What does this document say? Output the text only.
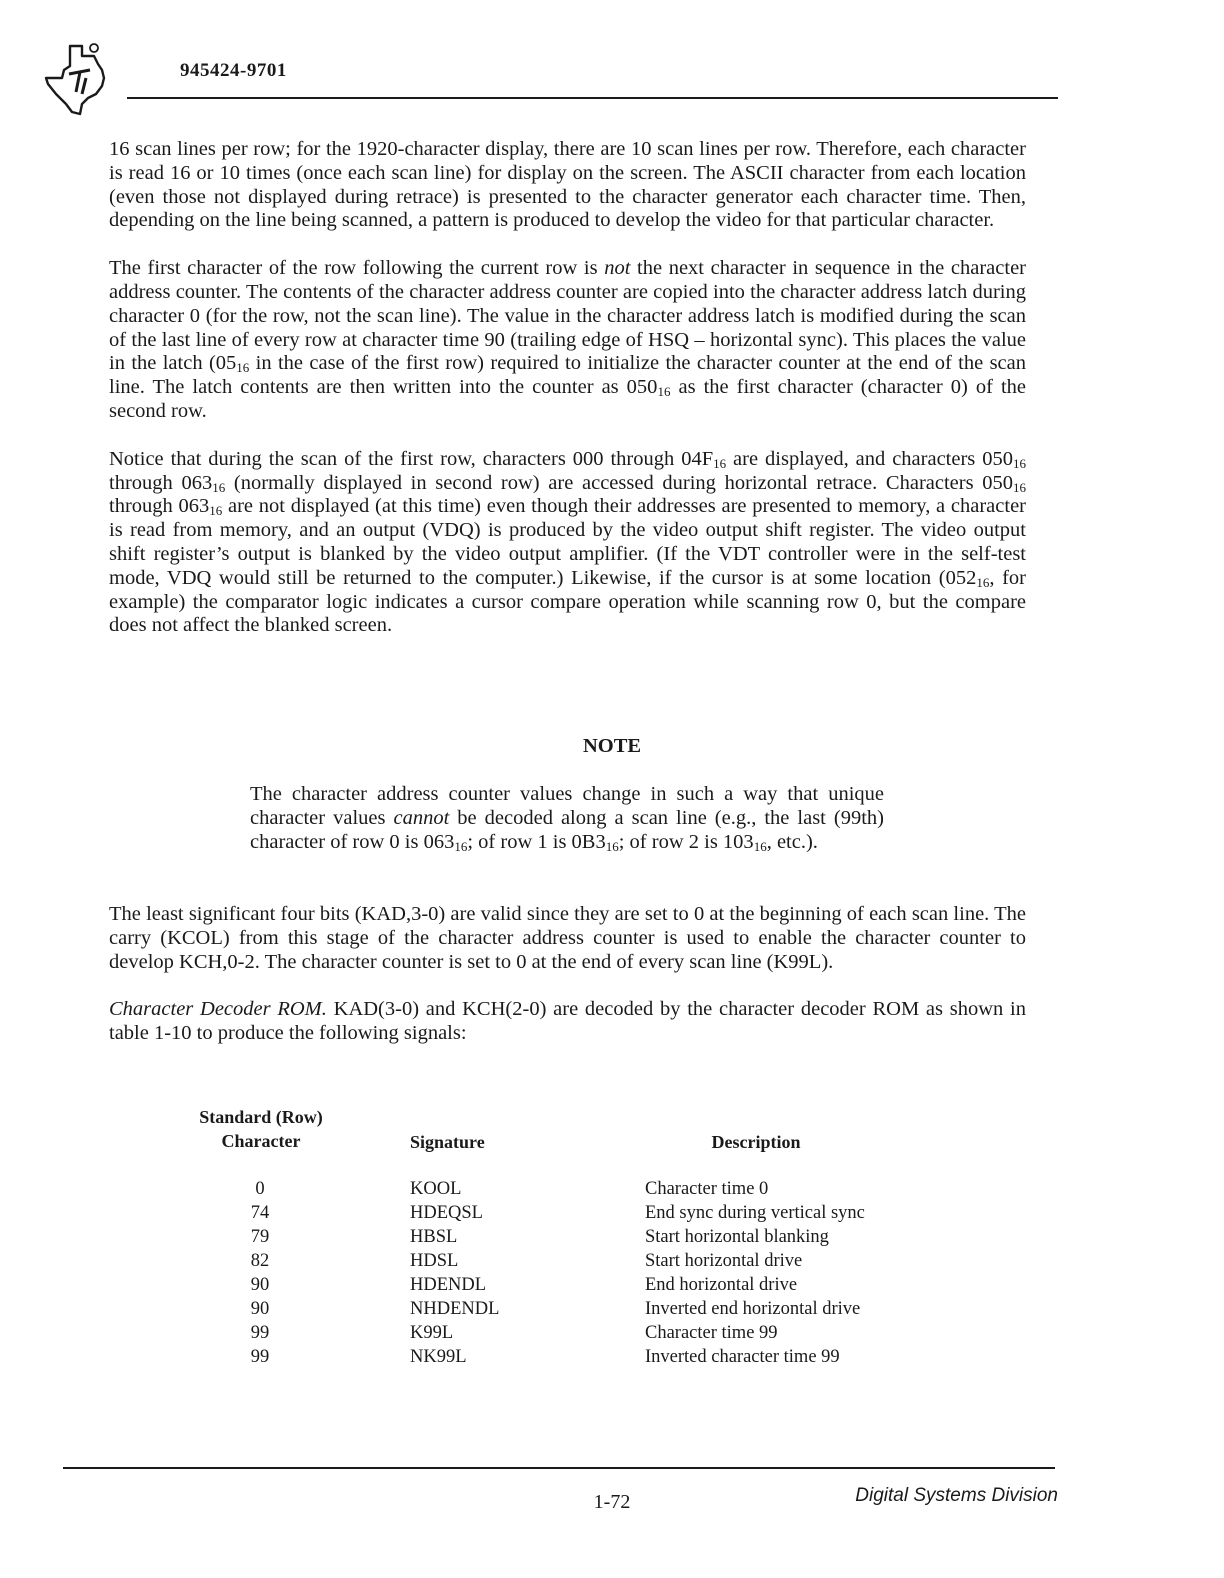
945424-9701

16 scan lines per row; for the 1920-character display, there are 10 scan lines per row. Therefore, each character is read 16 or 10 times (once each scan line) for display on the screen. The ASCII character from each location (even those not displayed during retrace) is presented to the character generator each character time. Then, depending on the line being scanned, a pattern is produced to develop the video for that particular character.

The first character of the row following the current row is not the next character in sequence in the character address counter. The contents of the character address counter are copied into the character address latch during character 0 (for the row, not the scan line). The value in the character address latch is modified during the scan of the last line of every row at character time 90 (trailing edge of HSQ – horizontal sync). This places the value in the latch ($05_{16}$ in the case of the first row) required to initialize the character counter at the end of the scan line. The latch contents are then written into the counter as $050_{16}$ as the first character (character 0) of the second row.

Notice that during the scan of the first row, characters 000 through $04F_{16}$ are displayed, and characters $050_{16}$ through $063_{16}$ (normally displayed in second row) are accessed during horizontal retrace. Characters $050_{16}$ through $063_{16}$ are not displayed (at this time) even though their addresses are presented to memory, a character is read from memory, and an output (VDQ) is produced by the video output shift register. The video output shift register’s output is blanked by the video output amplifier. (If the VDT controller were in the self-test mode, VDQ would still be returned to the computer.) Likewise, if the cursor is at some location ($052_{16}$, for example) the comparator logic indicates a cursor compare operation while scanning row 0, but the compare does not affect the blanked screen.

NOTE
The character address counter values change in such a way that unique character values cannot be decoded along a scan line (e.g., the last (99th) character of row 0 is $063_{16}$; of row 1 is $0B3_{16}$; of row 2 is $103_{16}$, etc.).

The least significant four bits (KAD,3-0) are valid since they are set to 0 at the beginning of each scan line. The carry (KCOL) from this stage of the character address counter is used to enable the character counter to develop KCH,0-2. The character counter is set to 0 at the end of every scan line (K99L).

Character Decoder ROM. KAD(3-0) and KCH(2-0) are decoded by the character decoder ROM as shown in table 1-10 to produce the following signals:

Standard (Row)
Character	Signature	Description
0	KOOL	Character time 0
74	HDEQSL	End sync during vertical sync
79	HBSL	Start horizontal blanking
82	HDSL	Start horizontal drive
90	HDENDL	End horizontal drive
90	NHDENDL	Inverted end horizontal drive
99	K99L	Character time 99
99	NK99L	Inverted character time 99
1-72	Digital Systems Division
